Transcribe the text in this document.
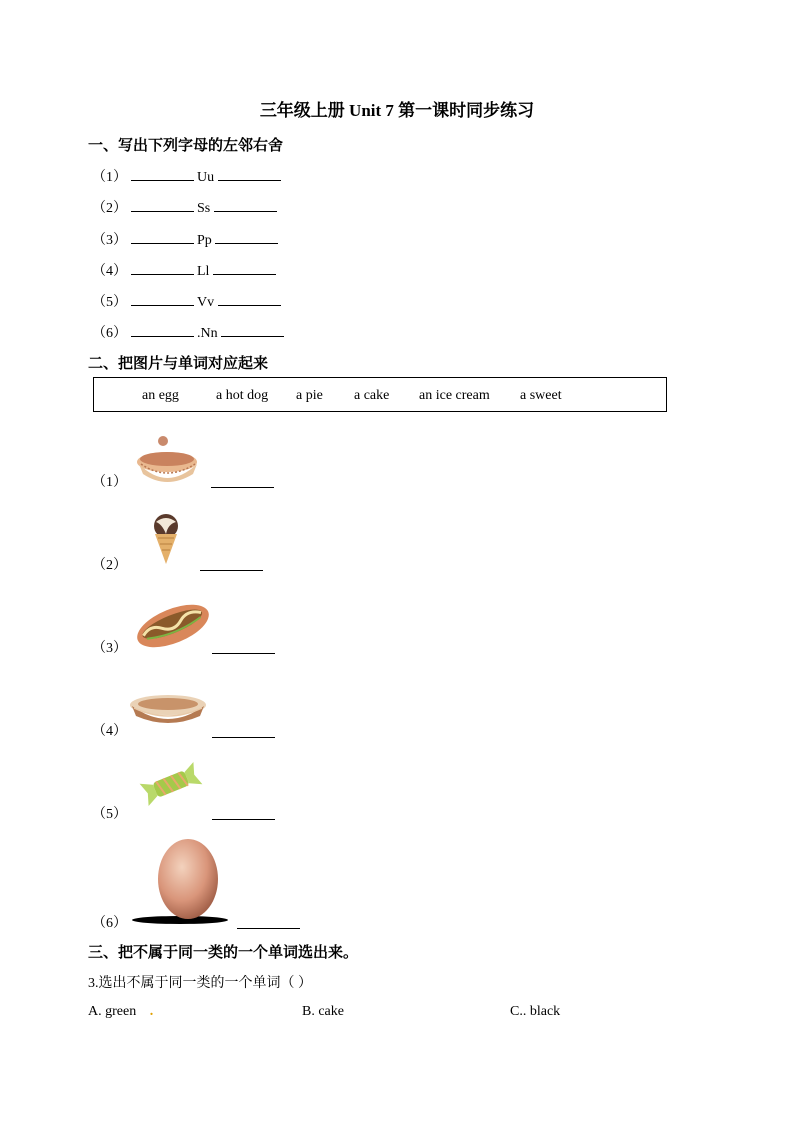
三年级上册 Unit 7 第一课时同步练习
一、写出下列字母的左邻右舍
（1）	Uu
（2）	Ss
（3）	Pp
（4）	Ll
（5）	Vv
（6）	.Nn
二、把图片与单词对应起来
an egg	a hot dog a pie a cake an ice cream a sweet
（1）
（2）
（3）
（4）
（5）
（6）
三、把不属于同一类的一个单词选出来。
3.选出不属于同一类的一个单词（ ）
A. green .	B. cake	C.. black
